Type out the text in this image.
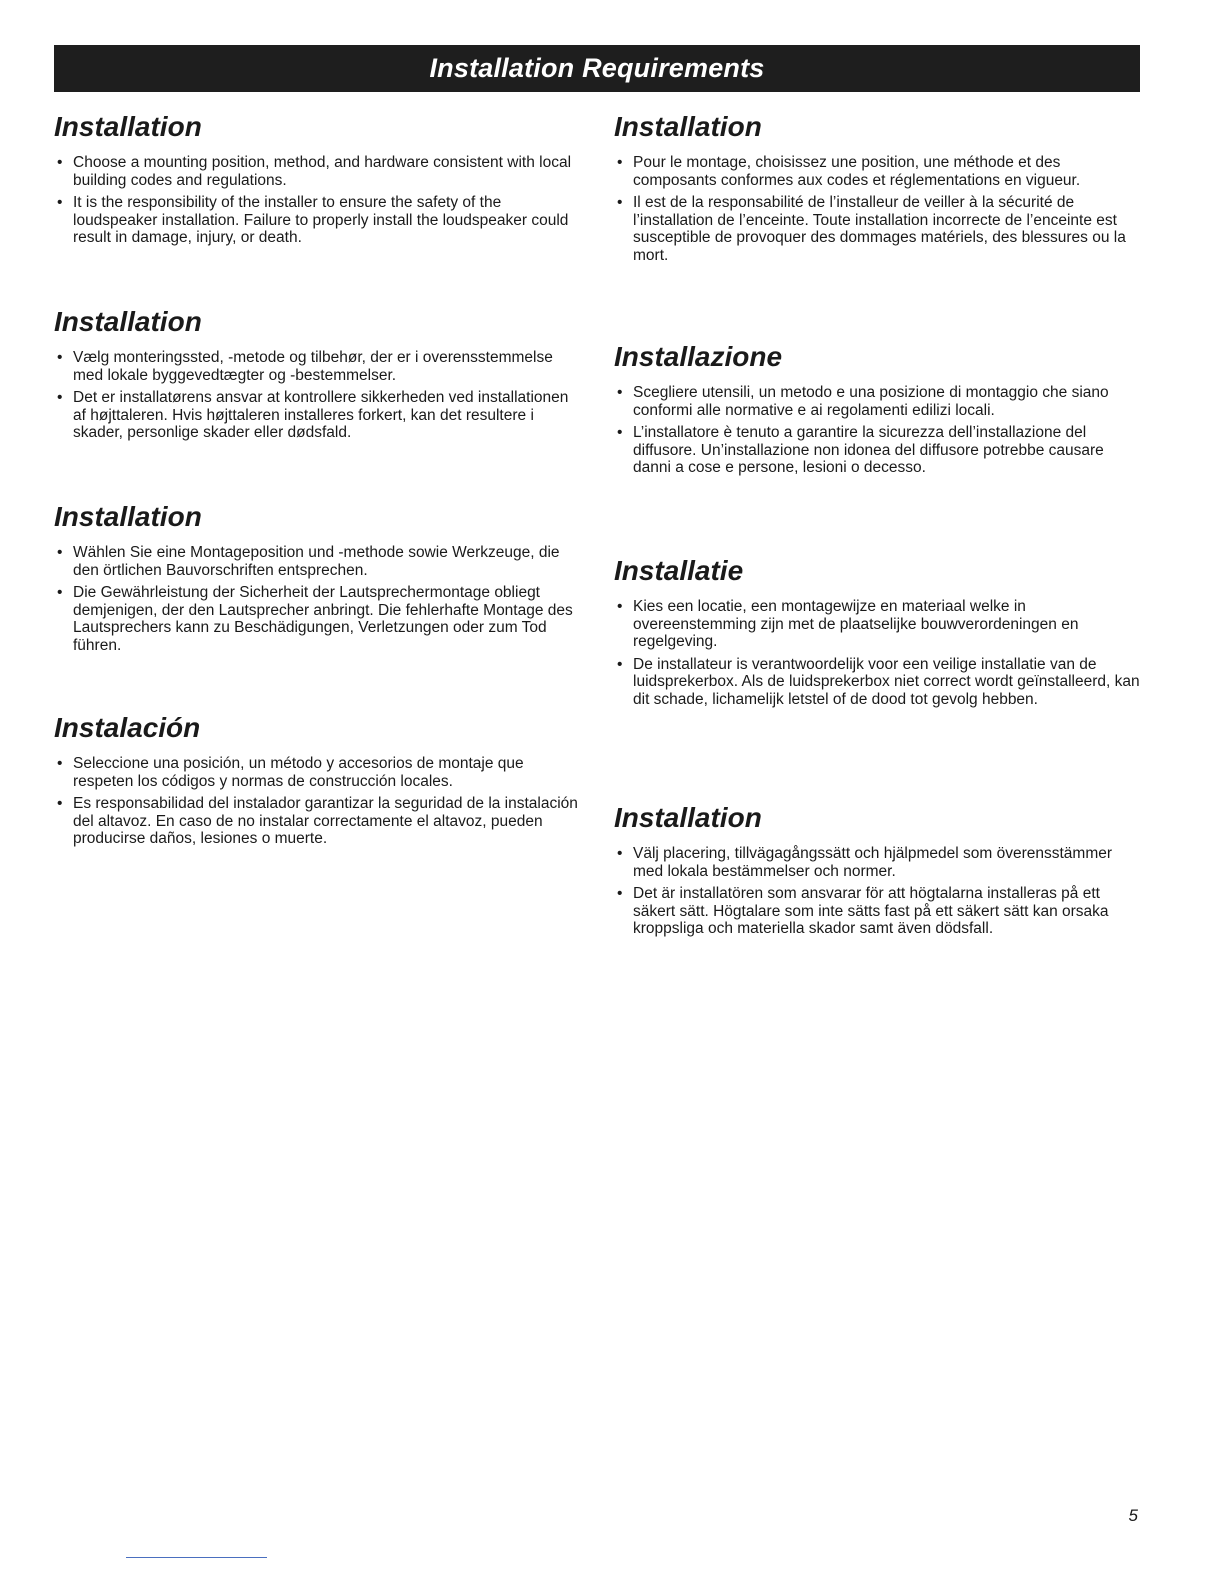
Installation Requirements
Installation
• Choose a mounting position, method, and hardware consistent with local building codes and regulations.
• It is the responsibility of the installer to ensure the safety of the loudspeaker installation. Failure to properly install the loudspeaker could result in damage, injury, or death.
Installation
• Pour le montage, choisissez une position, une méthode et des composants conformes aux codes et réglementations en vigueur.
• Il est de la responsabilité de l’installeur de veiller à la sécurité de l’installation de l’enceinte. Toute installation incorrecte de l’enceinte est susceptible de provoquer des dommages matériels, des blessures ou la mort.
Installation
• Vælg monteringssted, -metode og tilbehør, der er i overensstemmelse med lokale byggevedtægter og -bestemmelser.
• Det er installatørens ansvar at kontrollere sikkerheden ved installationen af højttaleren. Hvis højttaleren installeres forkert, kan det resultere i skader, personlige skader eller dødsfald.
Installazione
• Scegliere utensili, un metodo e una posizione di montaggio che siano conformi alle normative e ai regolamenti edilizi locali.
• L’installatore è tenuto a garantire la sicurezza dell’installazione del diffusore. Un’installazione non idonea del diffusore potrebbe causare danni a cose e persone, lesioni o decesso.
Installation
• Wählen Sie eine Montageposition und -methode sowie Werkzeuge, die den örtlichen Bauvorschriften entsprechen.
• Die Gewährleistung der Sicherheit der Lautsprechermontage obliegt demjenigen, der den Lautsprecher anbringt. Die fehlerhafte Montage des Lautsprechers kann zu Beschädigungen, Verletzungen oder zum Tod führen.
Installatie
• Kies een locatie, een montagewijze en materiaal welke in overeenstemming zijn met de plaatselijke bouwverordeningen en regelgeving.
• De installateur is verantwoordelijk voor een veilige installatie van de luidsprekerbox. Als de luidsprekerbox niet correct wordt geïnstalleerd, kan dit schade, lichamelijk letstel of de dood tot gevolg hebben.
Instalación
• Seleccione una posición, un método y accesorios de montaje que respeten los códigos y normas de construcción locales.
• Es responsabilidad del instalador garantizar la seguridad de la instalación del altavoz. En caso de no instalar correctamente el altavoz, pueden producirse daños, lesiones o muerte.
Installation
• Välj placering, tillvägagångssätt och hjälpmedel som överensstämmer med lokala bestämmelser och normer.
• Det är installatören som ansvarar för att högtalarna installeras på ett säkert sätt. Högtalare som inte sätts fast på ett säkert sätt kan orsaka kroppsliga och materiella skador samt även dödsfall.
5
